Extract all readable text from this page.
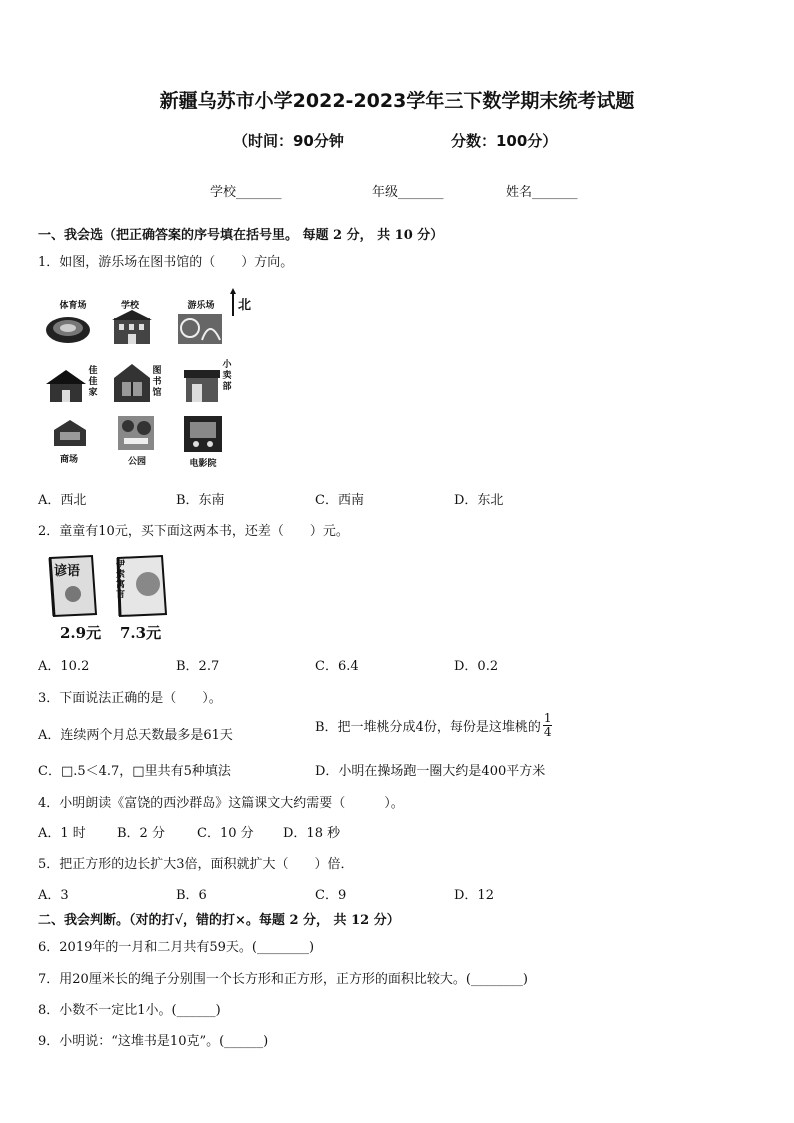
新疆乌苏市小学2022-2023学年三下数学期末统考试题
（时间：90分钟	分数：100分）
学校_______	年级_______	姓名_______
一、我会选（把正确答案的序号填在括号里。 每题 2 分， 共 10 分）
1．如图，游乐场在图书馆的（　　）方向。
体育场	学校	游乐场	北
佳佳家
图书馆
小卖部
商场	公园	电影院
A．西北	B．东南	C．西南	D．东北
2．童童有10元，买下面这两本书，还差（　　）元。
谚语
2.9元
伊索寓言
7.3元
A．10.2	B．2.7	C．6.4	D．0.2
3．下面说法正确的是（　　）。
A．连续两个月总天数最多是61天
B．把一堆桃分成4份，每份是这堆桃的 $\frac{1}{4}$
C．□.5＜4.7，□里共有5种填法	D．小明在操场跑一圈大约是400平方米
4．小明朗读《富饶的西沙群岛》这篇课文大约需要（　　　）。
A．1 时 B．2 分 C．10 分 D．18 秒
5．把正方形的边长扩大3倍，面积就扩大（　　）倍．
A．3	B．6	C．9	D．12
二、我会判断。（对的打√，错的打×。每题 2 分， 共 12 分）
6．2019年的一月和二月共有59天。(________)
7．用20厘米长的绳子分别围一个长方形和正方形，正方形的面积比较大。(________)
8．小数不一定比1小。(______)
9．小明说：“这堆书是10克”。(______)
